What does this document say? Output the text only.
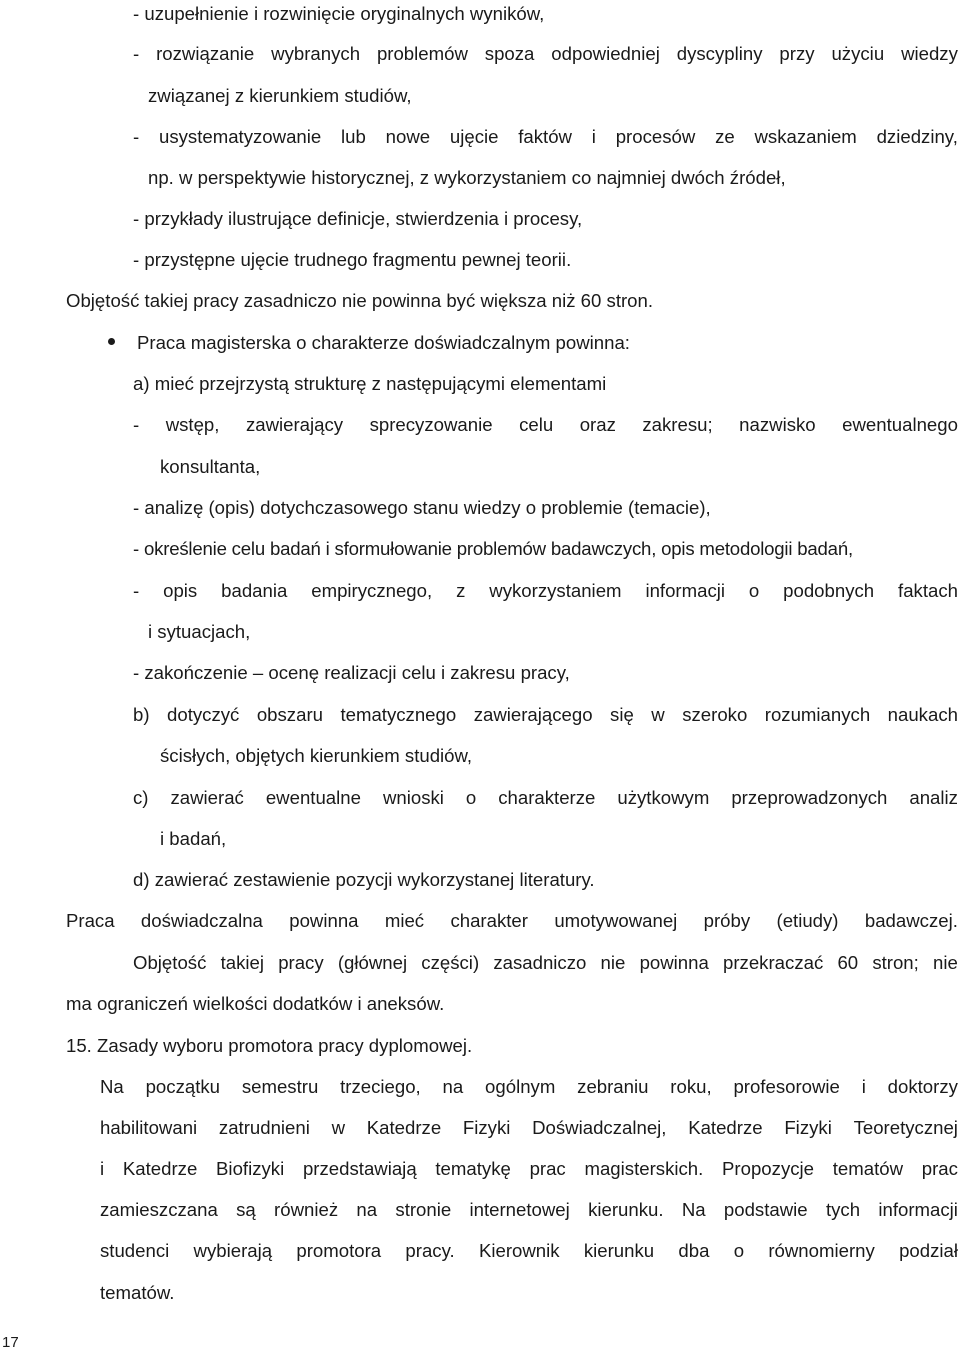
- uzupełnienie i rozwinięcie oryginalnych wyników,
- rozwiązanie wybranych problemów spoza odpowiedniej dyscypliny przy użyciu wiedzy
związanej z kierunkiem studiów,
- usystematyzowanie lub nowe ujęcie faktów i procesów ze wskazaniem dziedziny,
np. w perspektywie historycznej, z wykorzystaniem co najmniej dwóch źródeł,
- przykłady ilustrujące definicje, stwierdzenia i procesy,
- przystępne ujęcie trudnego fragmentu pewnej teorii.
Objętość takiej pracy zasadniczo nie powinna być większa niż 60 stron.
Praca magisterska o charakterze doświadczalnym powinna:
a) mieć przejrzystą strukturę z następującymi elementami
- wstęp, zawierający sprecyzowanie celu oraz zakresu; nazwisko ewentualnego
konsultanta,
- analizę (opis) dotychczasowego stanu wiedzy o problemie (temacie),
- określenie celu badań i sformułowanie problemów badawczych, opis metodologii badań,
- opis badania empirycznego, z wykorzystaniem informacji o podobnych faktach
i sytuacjach,
- zakończenie – ocenę realizacji celu i zakresu pracy,
b) dotyczyć obszaru tematycznego zawierającego się w szeroko rozumianych naukach
ścisłych, objętych kierunkiem studiów,
c) zawierać ewentualne wnioski o charakterze użytkowym przeprowadzonych analiz
i badań,
d) zawierać zestawienie pozycji wykorzystanej literatury.
Praca doświadczalna powinna mieć charakter umotywowanej próby (etiudy) badawczej.
Objętość takiej pracy (głównej części) zasadniczo nie powinna przekraczać 60 stron; nie
ma ograniczeń wielkości dodatków i aneksów.
15. Zasady wyboru promotora pracy dyplomowej.
Na początku semestru trzeciego, na ogólnym zebraniu roku, profesorowie i doktorzy
habilitowani zatrudnieni w Katedrze Fizyki Doświadczalnej, Katedrze Fizyki Teoretycznej
i Katedrze Biofizyki przedstawiają tematykę prac magisterskich. Propozycje tematów prac
zamieszczana są również na stronie internetowej kierunku. Na podstawie tych informacji
studenci wybierają promotora pracy. Kierownik kierunku dba o równomierny podział
tematów.
17
